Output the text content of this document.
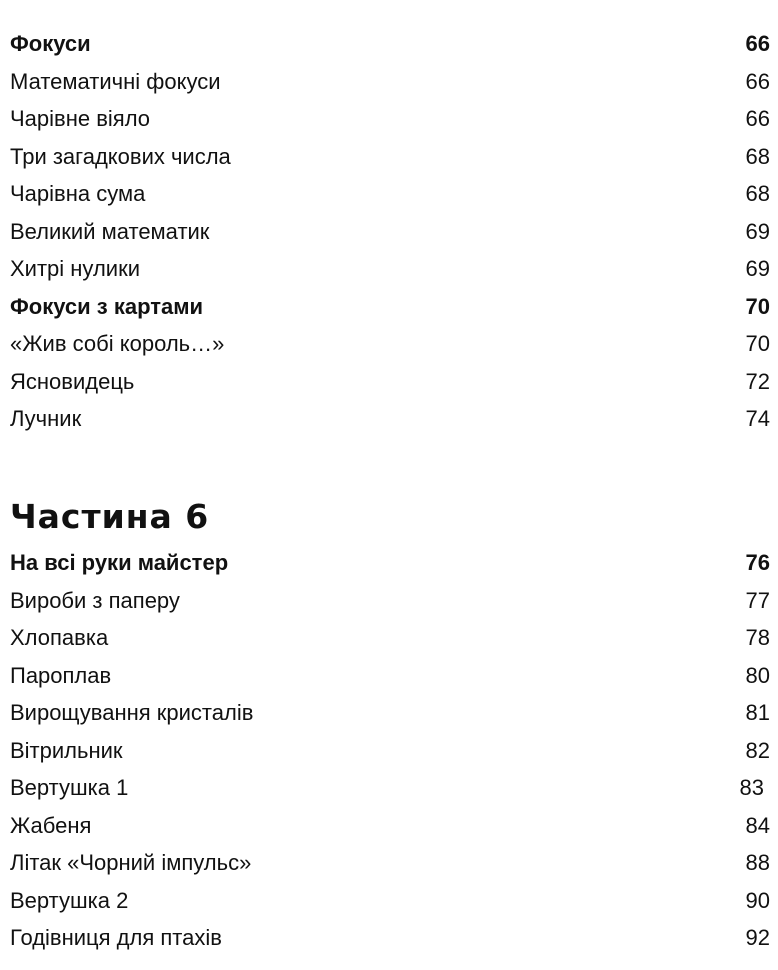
Фокуси	66
Математичні фокуси	66
Чарівне віяло	66
Три загадкових числа	68
Чарівна сума	68
Великий математик	69
Хитрі нулики	69
Фокуси з картами	70
«Жив собі король…»	70
Ясновидець	72
Лучник	74
Частина 6
На всі руки майстер	76
Вироби з паперу	77
Хлопавка	78
Пароплав	80
Вирощування кристалів	81
Вітрильник	82
Вертушка 1	83
Жабеня	84
Літак «Чорний імпульс»	88
Вертушка 2	90
Годівниця для птахів	92
